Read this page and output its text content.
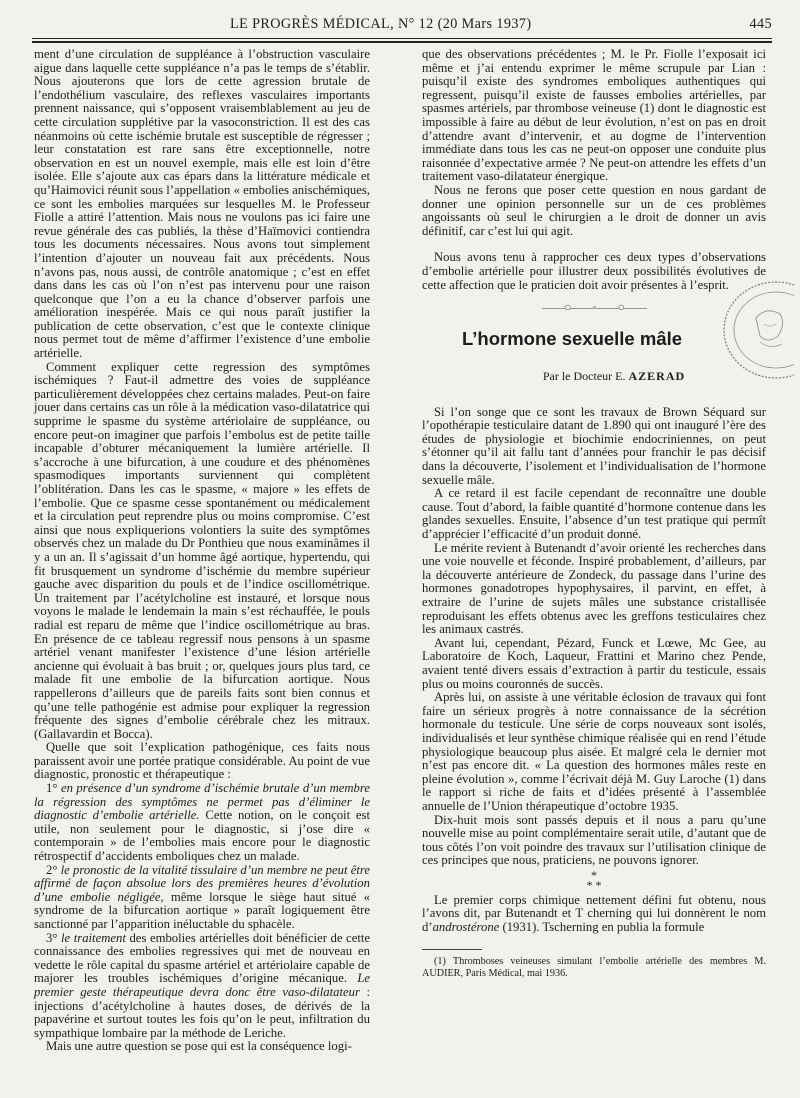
LE PROGRÈS MÉDICAL, N° 12 (20 Mars 1937)	445

ment d’une circulation de suppléance à l’obstruction vasculaire aigue dans laquelle cette suppléance n’a pas le temps de s’établir. Nous ajouterons que lors de cette agression brutale de l’endothélium vasculaire, des reflexes vasculaires importants prennent naissance, qui s’opposent vraisemblablement au jeu de cette circulation supplétive par la vasoconstriction. Il est des cas néanmoins où cette ischémie brutale est susceptible de régresser ; leur constatation est rare sans être exceptionnelle, notre observation en est un nouvel exemple, mais elle est loin d’être isolée. Elle s’ajoute aux cas épars dans la littérature médicale et qu’Haimovici réunit sous l’appellation « embolies anischémiques, ce sont les embolies marquées sur lesquelles M. le Professeur Fiolle a attiré l’attention. Mais nous ne voulons pas ici faire une revue générale des cas publiés, la thèse d’Haïmovici contiendra tous les documents nécessaires. Nous avons tout simplement l’intention d’ajouter un nouveau fait aux précédents. Nous n’avons pas, nous aussi, de contrôle anatomique ; c’est en effet dans dans les cas où l’on n’est pas intervenu pour une raison quelconque que l’on a eu la chance d’observer parfois une amélioration inespérée. Mais ce qui nous paraît justifier la publication de cette observation, c’est que le contexte clinique nous permet tout de même d’affirmer l’existence d’une embolie artérielle.

Comment expliquer cette regression des symptômes ischémiques ? Faut-il admettre des voies de suppléance particulièrement développées chez certains malades. Peut-on faire jouer dans certains cas un rôle à la médication vaso-dilatatrice qui supprime le spasme du système artériolaire de suppléance, ou encore peut-on imaginer que parfois l’embolus est de petite taille incapable d’obturer mécaniquement la lumière artérielle. Il s’accroche à une bifurcation, à une coudure et des phénomènes spasmodiques importants surviennent qui complètent l’oblitération. Dans les cas le spasme, « majore » les effets de l’embolie. Que ce spasme cesse spontanément ou médicalement et la circulation peut reprendre plus ou moins compromise. C’est ainsi que nous expliquerions volontiers la suite des symptômes observés chez un malade du Dr Ponthieu que nous examinâmes il y a un an. Il s’agissait d’un homme âgé aortique, hypertendu, qui fit brusquement un syndrome d’ischémie du membre supérieur gauche avec disparition du pouls et de l’indice oscillométrique. Un traitement par l’acétylcholine est instauré, et lorsque nous voyons le malade le lendemain la main s’est réchauffée, le pouls radial est reparu de même que l’indice oscillométrique au bras. En présence de ce tableau regressif nous pensons à un spasme artériel venant manifester l’existence d’une lésion artérielle ancienne qui évoluait à bas bruit ; or, quelques jours plus tard, ce malade fit une embolie de la bifurcation aortique. Nous rappellerons d’ailleurs que de pareils faits sont bien connus et qu’une telle pathogénie est admise pour expliquer la regression fréquente des signes d’embolie cérébrale chez les mitraux. (Gallavardin et Bocca).

Quelle que soit l’explication pathogénique, ces faits nous paraissent avoir une portée pratique considérable. Au point de vue diagnostic, pronostic et thérapeutique :

1° en présence d’un syndrome d’ischémie brutale d’un membre la régression des symptômes ne permet pas d’éliminer le diagnostic d’embolie artérielle. Cette notion, on le conçoit est utile, non seulement pour le diagnostic, si j’ose dire « contemporain » de l’embolies mais encore pour le diagnostic rétrospectif d’accidents emboliques chez un malade.

2° le pronostic de la vitalité tissulaire d’un membre ne peut être affirmé de façon absolue lors des premières heures d’évolution d’une embolie négligée, même lorsque le siège haut situé « syndrome de la bifurcation aortique » paraît logiquement être sanctionné par l’apparition inéluctable du sphacèle.

3° le traitement des embolies artérielles doit bénéficier de cette connaissance des embolies regressives qui met de nouveau en vedette le rôle capital du spasme artériel et artériolaire capable de majorer les troubles ischémiques d’origine mécanique. Le premier geste thérapeutique devra donc être vaso-dilatateur : injections d’acétylcholine à hautes doses, de dérivés de la papavérine et surtout toutes les fois qu’on le peut, infiltration du sympathique lombaire par la méthode de Leriche.

Mais une autre question se pose qui est la conséquence logi-

que des observations précédentes ; M. le Pr. Fiolle l’exposait ici même et j’ai entendu exprimer le même scrupule par Lian : puisqu’il existe des syndromes emboliques authentiques qui regressent, puisqu’il existe de fausses embolies artérielles, par spasmes artériels, par thrombose veineuse (1) dont le diagnostic est impossible à faire au début de leur évolution, n’est on pas en droit d’attendre avant d’intervenir, et au dogme de l’intervention immédiate dans tous les cas ne peut-on opposer une conduite plus raisonnée d’expectative armée ? Ne peut-on attendre les effets d’un traitement vaso-dilatateur énergique.

Nous ne ferons que poser cette question en nous gardant de donner une opinion personnelle sur un de ces problèmes angoissants où seul le chirurgien a le droit de donner un avis définitif, car c’est lui qui agit.

Nous avons tenu à rapprocher ces deux types d’observations d’embolie artérielle pour illustrer deux possibilités évolutives de cette affection que le praticien doit avoir présentes à l’esprit.

——○——◦——○——
L’hormone sexuelle mâle
Par le Docteur E. AZERAD

Si l’on songe que ce sont les travaux de Brown Séquard sur l’opothérapie testiculaire datant de 1.890 qui ont inauguré l’ère des études de physiologie et biochimie endocriniennes, on peut s’étonner qu’il ait fallu tant d’années pour franchir le pas décisif dans la découverte, l’isolement et l’individualisation de l’hormone sexuelle mâle.

A ce retard il est facile cependant de reconnaître une double cause. Tout d’abord, la faible quantité d’hormone contenue dans les glandes sexuelles. Ensuite, l’absence d’un test pratique qui permît d’apprécier l’efficacité d’un produit donné.

Le mérite revient à Butenandt d’avoir orienté les recherches dans une voie nouvelle et féconde. Inspiré probablement, d’ailleurs, par la découverte antérieure de Zondeck, du passage dans l’urine des hormones gonadotropes hypophysaires, il parvint, en effet, à extraire de l’urine de sujets mâles une substance cristallisée reproduisant les effets obtenus avec les greffons testiculaires chez les animaux castrés.

Avant lui, cependant, Pézard, Funck et Lœwe, Mc Gee, au Laboratoire de Koch, Laqueur, Frattini et Marino chez Pende, avaient tenté divers essais d’extraction à partir du testicule, essais plus ou moins couronnés de succès.

Après lui, on assiste à une véritable éclosion de travaux qui font faire un sérieux progrès à notre connaissance de la sécrétion hormonale du testicule. Une série de corps nouveaux sont isolés, individualisés et leur synthèse chimique réalisée qui en rend l’étude physiologique beaucoup plus aisée. Et malgré cela le dernier mot n’est pas encore dit. « La question des hormones mâles reste en pleine évolution », comme l’écrivait déjà M. Guy Laroche (1) dans le rapport si riche de faits et d’idées présenté à l’assemblée annuelle de l’Union thérapeutique d’octobre 1935.

Dix-huit mois sont passés depuis et il nous a paru qu’une nouvelle mise au point complémentaire serait utile, d’autant que de tous côtés l’on voit poindre des travaux sur l’utilisation clinique de ces principes que nous, praticiens, ne pouvons ignorer.

*
* *

Le premier corps chimique nettement défini fut obtenu, nous l’avons dit, par Butenandt et T cherning qui lui donnèrent le nom d’androstérone (1931). Tscherning en publia la formule

(1) Thromboses veineuses simulant l’embolie artérielle des membres M. AUDIER, Paris Médical, mai 1936.
